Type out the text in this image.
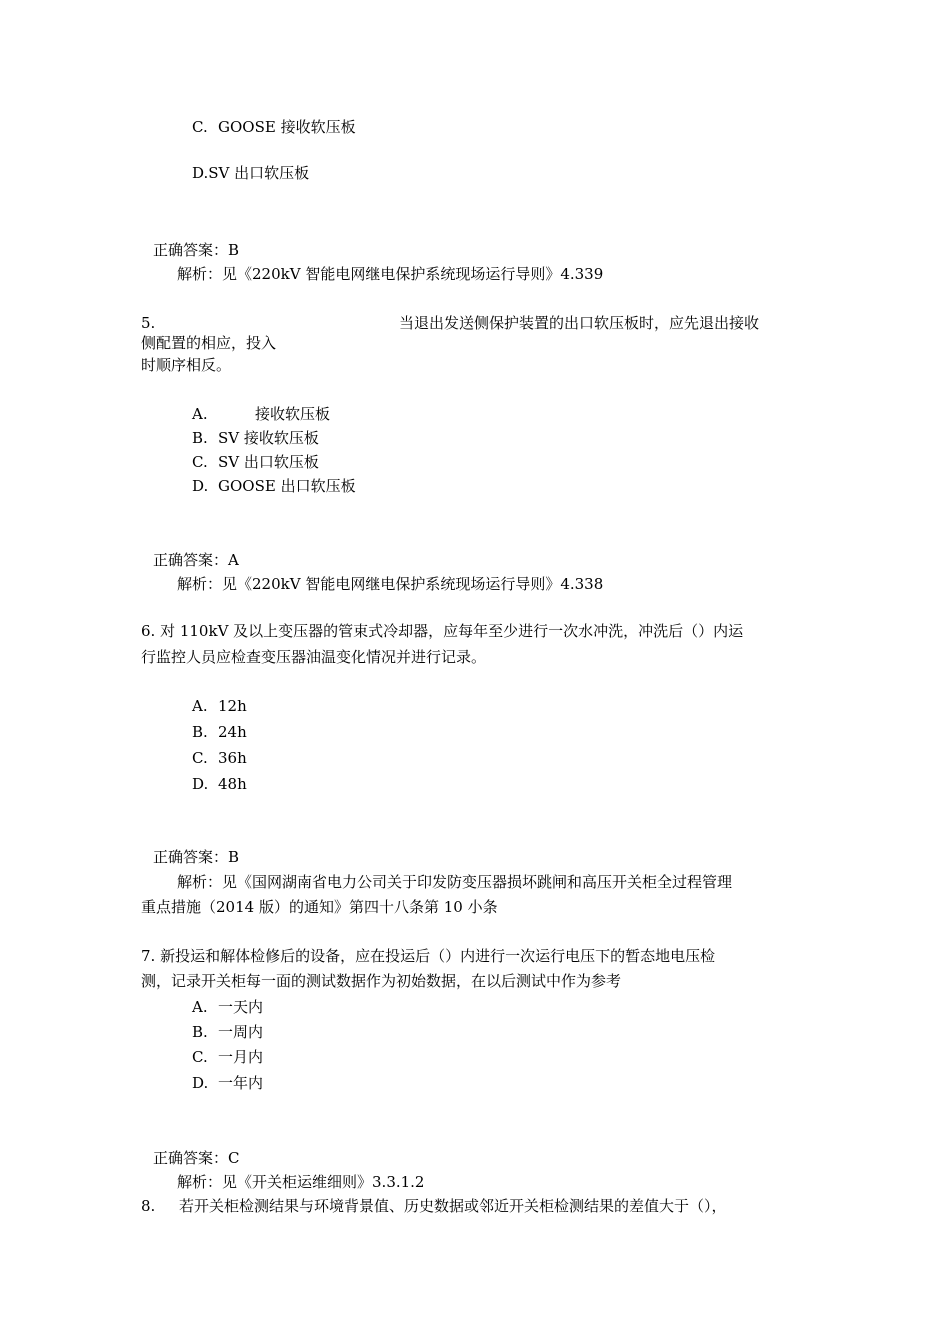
C. GOOSE 接收软压板
D.SV 出口软压板
正确答案：B
解析：见《220kV 智能电网继电保护系统现场运行导则》4.339
5.	当退出发送侧保护装置的出口软压板时，应先退出接收
侧配置的相应，投入
时顺序相反。
A.	接收软压板
B. SV 接收软压板
C. SV 出口软压板
D. GOOSE 出口软压板
正确答案：A
解析：见《220kV 智能电网继电保护系统现场运行导则》4.338
6. 对 110kV 及以上变压器的管束式冷却器，应每年至少进行一次水冲洗，冲洗后（）内运
行监控人员应检查变压器油温变化情况并进行记录。
A. 12h
B. 24h
C. 36h
D. 48h
正确答案：B
解析：见《国网湖南省电力公司关于印发防变压器损坏跳闸和高压开关柜全过程管理
重点措施（2014 版）的通知》第四十八条第 10 小条
7. 新投运和解体检修后的设备，应在投运后（）内进行一次运行电压下的暂态地电压检
测，记录开关柜每一面的测试数据作为初始数据，在以后测试中作为参考
A. 一天内
B. 一周内
C. 一月内
D. 一年内
正确答案：C
解析：见《开关柜运维细则》3.3.1.2
8. 若开关柜检测结果与环境背景值、历史数据或邻近开关柜检测结果的差值大于（），
